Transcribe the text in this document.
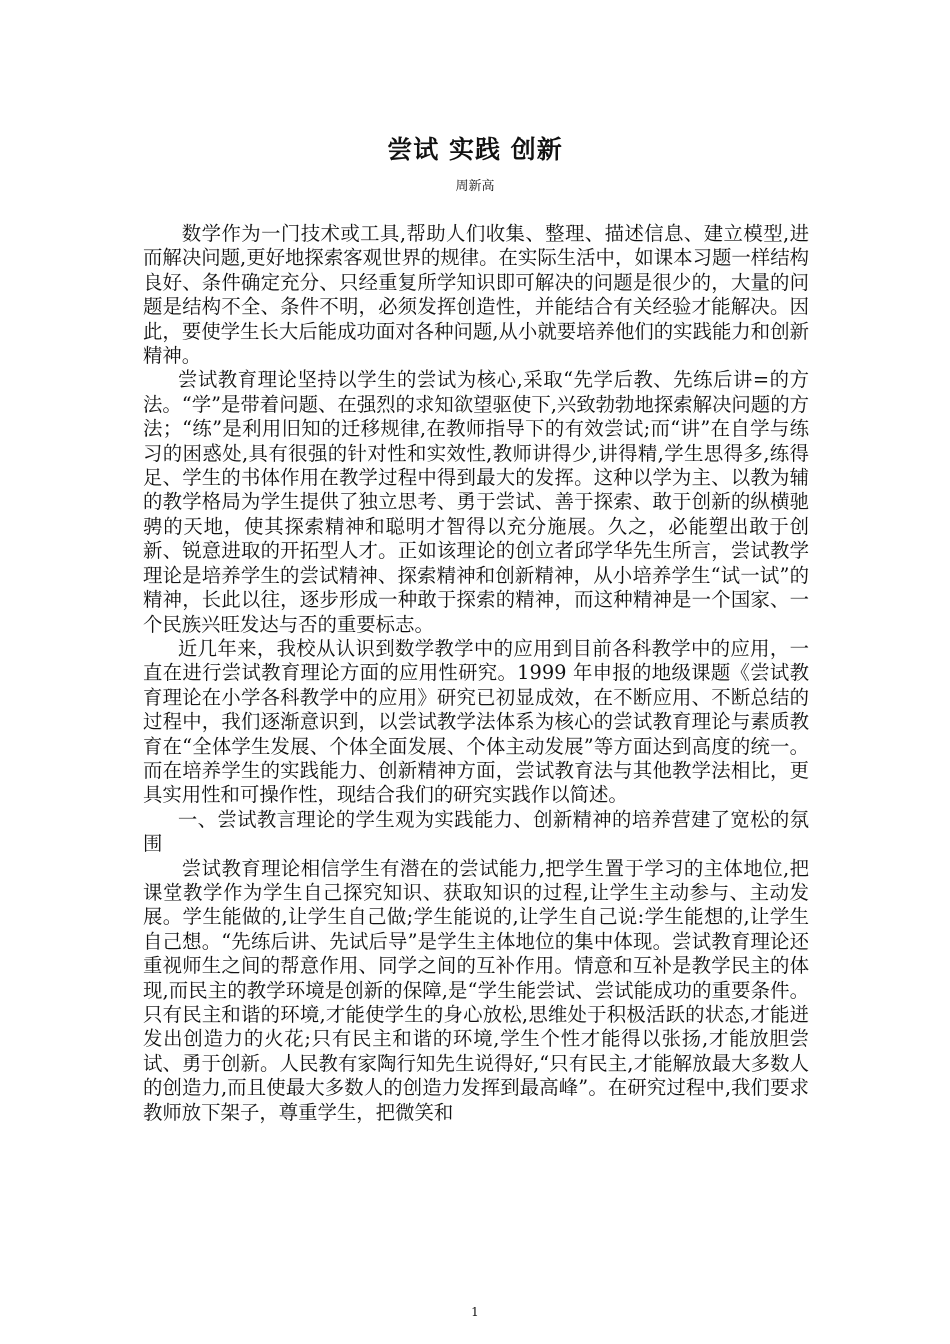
尝试 实践 创新

周新高

数学作为一门技术或工具,帮助人们收集、整理、描述信息、建立模型,进而解决问题,更好地探索客观世界的规律。在实际生活中，如课本习题一样结构良好、条件确定充分、只经重复所学知识即可解决的问题是很少的，大量的问题是结构不全、条件不明，必须发挥创造性，并能结合有关经验才能解决。因此，要使学生长大后能成功面对各种问题,从小就要培养他们的实践能力和创新精神。

尝试教育理论坚持以学生的尝试为核心,采取“先学后教、先练后讲=的方法。“学”是带着问题、在强烈的求知欲望驱使下,兴致勃勃地探索解决问题的方法；“练”是利用旧知的迁移规律,在教师指导下的有效尝试;而“讲”在自学与练习的困惑处,具有很强的针对性和实效性,教师讲得少,讲得精,学生思得多,练得足、学生的书体作用在教学过程中得到最大的发挥。这种以学为主、以教为辅的教学格局为学生提供了独立思考、勇于尝试、善于探索、敢于创新的纵横驰骋的天地，使其探索精神和聪明才智得以充分施展。久之，必能塑出敢于创新、锐意进取的开拓型人才。正如该理论的创立者邱学华先生所言，尝试教学理论是培养学生的尝试精神、探索精神和创新精神，从小培养学生“试一试”的精神，长此以往，逐步形成一种敢于探索的精神，而这种精神是一个国家、一个民族兴旺发达与否的重要标志。

近几年来，我校从认识到数学教学中的应用到目前各科教学中的应用，一直在进行尝试教育理论方面的应用性研究。1999 年申报的地级课题《尝试教育理论在小学各科教学中的应用》研究已初显成效，在不断应用、不断总结的过程中，我们逐渐意识到，以尝试教学法体系为核心的尝试教育理论与素质教育在“全体学生发展、个体全面发展、个体主动发展”等方面达到高度的统一。而在培养学生的实践能力、创新精神方面，尝试教育法与其他教学法相比，更具实用性和可操作性，现结合我们的研究实践作以简述。

一、尝试教言理论的学生观为实践能力、创新精神的培养营建了宽松的氛围

尝试教育理论相信学生有潜在的尝试能力,把学生置于学习的主体地位,把课堂教学作为学生自己探究知识、获取知识的过程,让学生主动参与、主动发展。学生能做的,让学生自己做;学生能说的,让学生自己说:学生能想的,让学生自己想。“先练后讲、先试后导”是学生主体地位的集中体现。尝试教育理论还重视师生之间的帮意作用、同学之间的互补作用。情意和互补是教学民主的体现,而民主的教学环境是创新的保障,是“学生能尝试、尝试能成功的重要条件。只有民主和谐的环境,才能使学生的身心放松,思维处于积极活跃的状态,才能迸发出创造力的火花;只有民主和谐的环境,学生个性才能得以张扬,才能放胆尝试、勇于创新。人民教有家陶行知先生说得好,“只有民主,才能解放最大多数人的创造力,而且使最大多数人的创造力发挥到最高峰”。在研究过程中,我们要求教师放下架子，尊重学生，把微笑和

1
